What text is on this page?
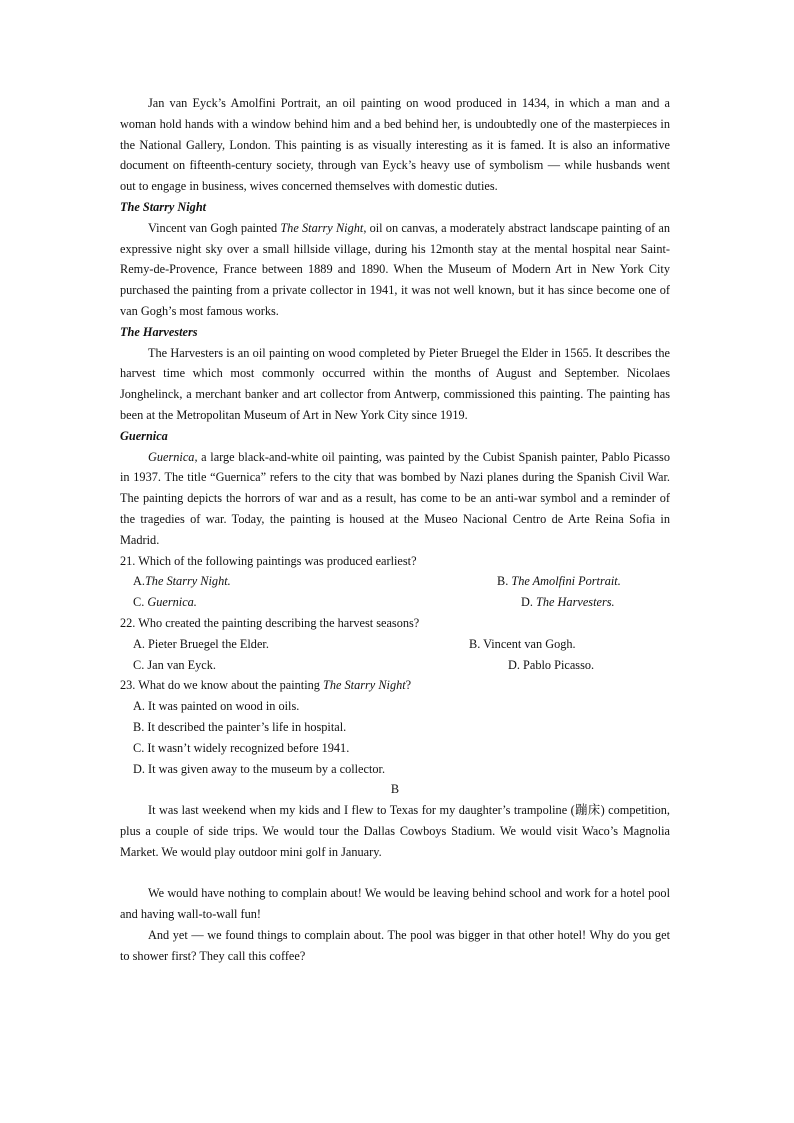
Jan van Eyck’s Amolfini Portrait, an oil painting on wood produced in 1434, in which a man and a woman hold hands with a window behind him and a bed behind her, is undoubtedly one of the masterpieces in the National Gallery, London. This painting is as visually interesting as it is famed. It is also an informative document on fifteenth-century society, through van Eyck’s heavy use of symbolism — while husbands went out to engage in business, wives concerned themselves with domestic duties.

The Starry Night

Vincent van Gogh painted The Starry Night, oil on canvas, a moderately abstract landscape painting of an expressive night sky over a small hillside village, during his 12month stay at the mental hospital near Saint-Remy-de-Provence, France between 1889 and 1890. When the Museum of Modern Art in New York City purchased the painting from a private collector in 1941, it was not well known, but it has since become one of van Gogh’s most famous works.

The Harvesters

The Harvesters is an oil painting on wood completed by Pieter Bruegel the Elder in 1565. It describes the harvest time which most commonly occurred within the months of August and September. Nicolaes Jonghelinck, a merchant banker and art collector from Antwerp, commissioned this painting. The painting has been at the Metropolitan Museum of Art in New York City since 1919.

Guernica

Guernica, a large black-and-white oil painting, was painted by the Cubist Spanish painter, Pablo Picasso in 1937. The title “Guernica” refers to the city that was bombed by Nazi planes during the Spanish Civil War. The painting depicts the horrors of war and as a result, has come to be an anti-war symbol and a reminder of the tragedies of war. Today, the painting is housed at the Museo Nacional Centro de Arte Reina Sofia in Madrid.

21. Which of the following paintings was produced earliest?

A.The Starry Night.	B. The Amolfini Portrait.
C. Guernica.	D. The Harvesters.

22. Who created the painting describing the harvest seasons?

A. Pieter Bruegel the Elder.	B. Vincent van Gogh.
C. Jan van Eyck.	D. Pablo Picasso.

23. What do we know about the painting The Starry Night?

A. It was painted on wood in oils.

B. It described the painter’s life in hospital.

C. It wasn’t widely recognized before 1941.

D. It was given away to the museum by a collector.

B

It was last weekend when my kids and I flew to Texas for my daughter’s trampoline (蹦床) competition, plus a couple of side trips. We would tour the Dallas Cowboys Stadium. We would visit Waco’s Magnolia Market. We would play outdoor mini golf in January.

We would have nothing to complain about! We would be leaving behind school and work for a hotel pool and having wall-to-wall fun!

And yet — we found things to complain about. The pool was bigger in that other hotel! Why do you get to shower first? They call this coffee?
